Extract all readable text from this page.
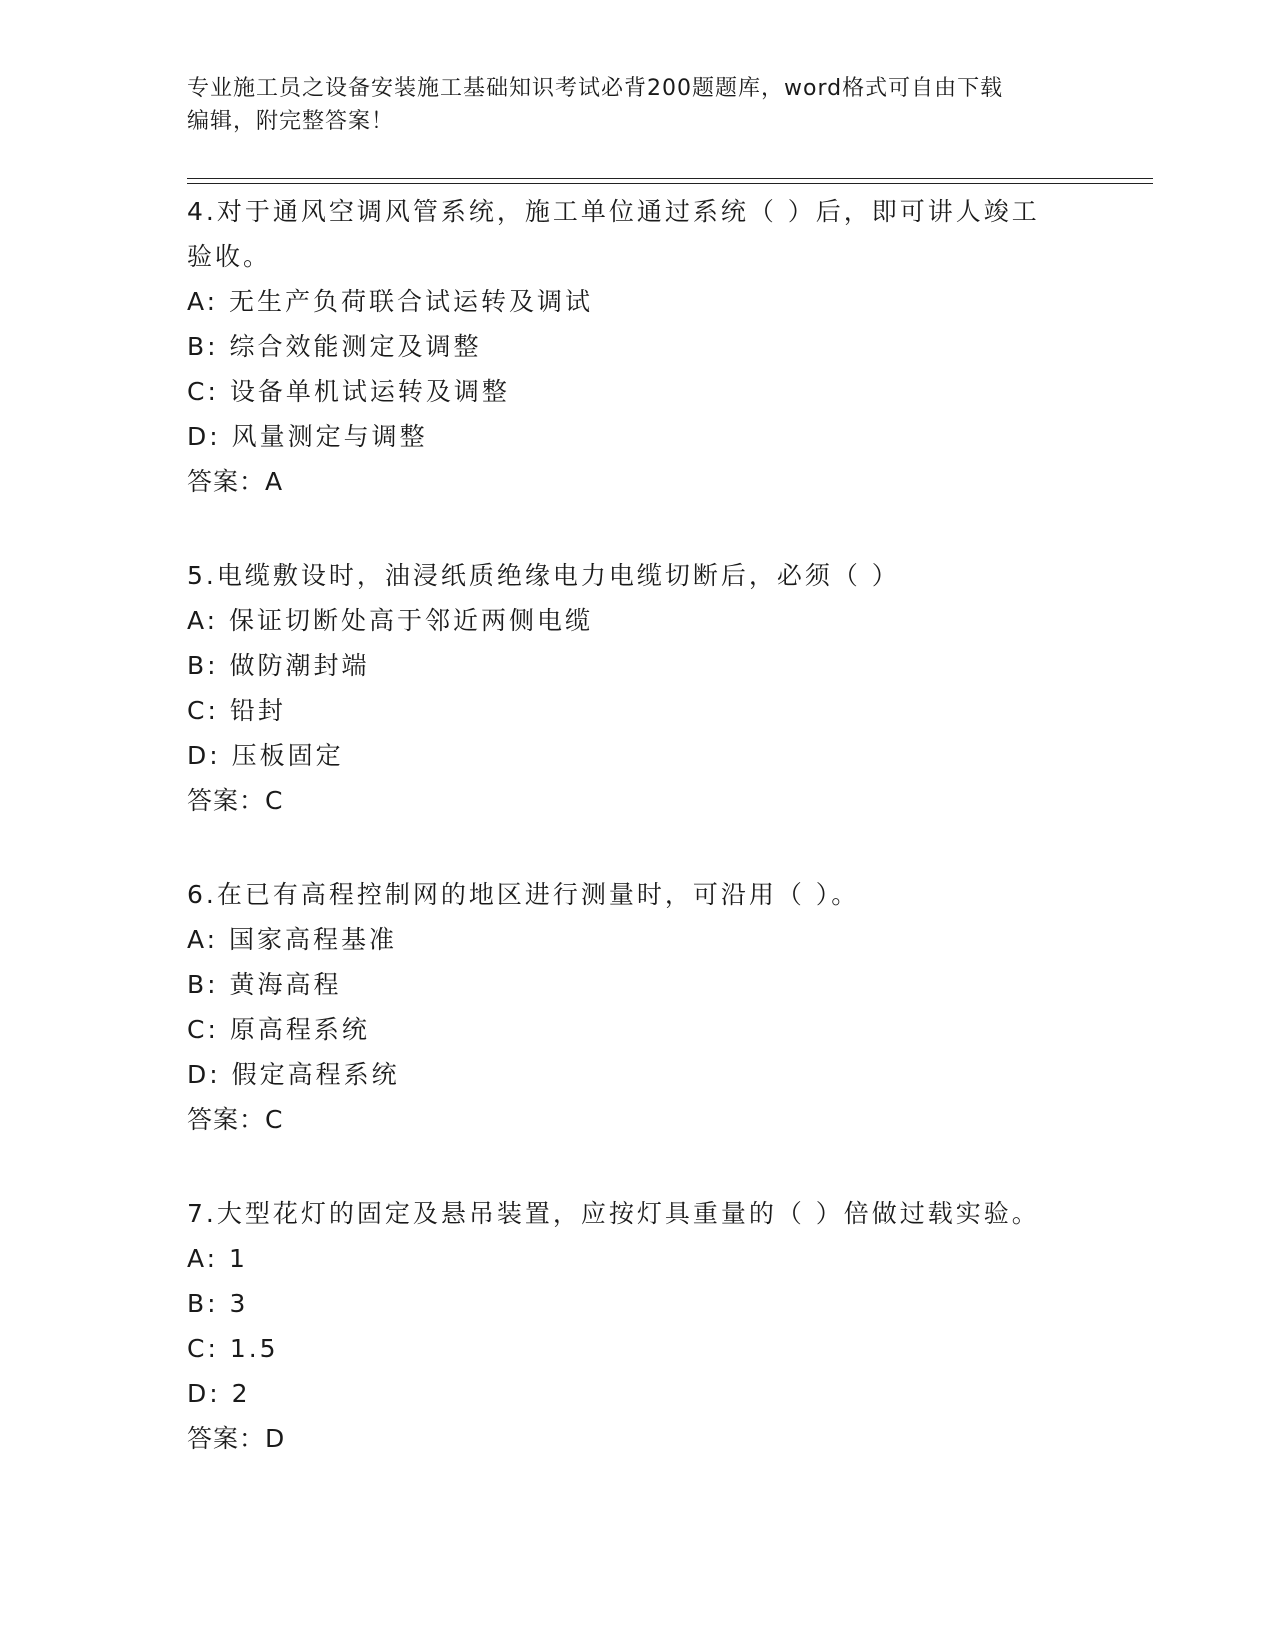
专业施工员之设备安装施工基础知识考试必背200题题库，word格式可自由下载
编辑，附完整答案！
4.对于通风空调风管系统，施工单位通过系统（ ）后，即可讲人竣工
验收。
A: 无生产负荷联合试运转及调试
B: 综合效能测定及调整
C: 设备单机试运转及调整
D: 风量测定与调整
答案：A
5.电缆敷设时，油浸纸质绝缘电力电缆切断后，必须（ ）
A: 保证切断处高于邻近两侧电缆
B: 做防潮封端
C: 铅封
D: 压板固定
答案：C
6.在已有高程控制网的地区进行测量时，可沿用（ ）。
A: 国家高程基准
B: 黄海高程
C: 原高程系统
D: 假定高程系统
答案：C
7.大型花灯的固定及悬吊装置，应按灯具重量的（ ）倍做过载实验。
A: 1
B: 3
C: 1.5
D: 2
答案：D
